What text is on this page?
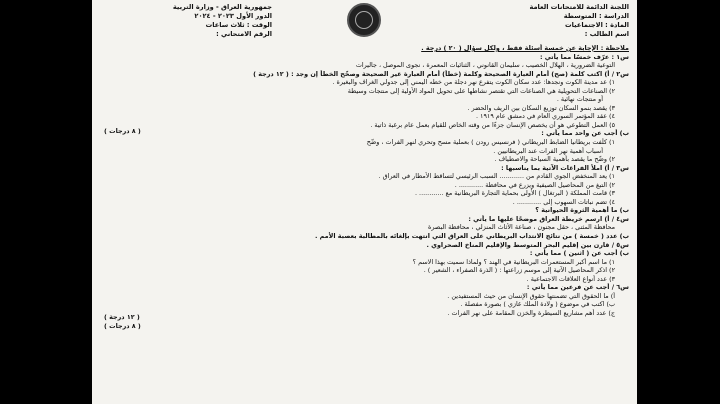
اللجنة الدائمة للامتحانات العامة
الدراسة : المتوسطة
المادة : الاجتماعيات
اسم الطالب :
جمهورية العراق - وزارة التربية
الدور الأول ٢٠٢٣ - ٢٠٢٤
الوقت : ثلاث ساعات
الرقم الامتحاني :
ملاحظة : الإجابة عن خمسة أسئلة فقط ، ولكل سؤال ( ٢٠ ) درجة .
س١ : عرّف خمسًا مما يأتي :
التوعية الضرورية ، الهلال الخصيب ، سليمان القانوني ، الثنائيات المعمرة ، نجوى الموصل ، جاليرات
س٢ / أ) اكتب كلمة (صح) أمام العبارة الصحيحة وكلمة (خطأ) أمام العبارة غير الصحيحة وصحّح الخطأ إن وجد : ( ١٢ درجة )
١) عد مدينة الكوت ونجدها: عدد سكان الكوت يتفرع نهر دجلة من خطه اليمني إلى جدولي الغراف والبغيرة .
٢) الصناعات التحويلية هي الصناعات التي تقتصر نشاطها على تحويل المواد الأولية إلى منتجات وسيطة
أو منتجات نهائية .
٣) يقصد بنمو السكان توزيع السكان بين الريف والحضر .
٤) عقد المؤتمر السوري العام في دمشق عام ١٩١٩ .
٥) العمل التطوعي هو أن يخصص الإنسان جزءًا من وقته الخاص للقيام بعمل عام برغبة ذاتية .
ب) أجب عن واحد مما يأتي :
١) كلّفت بريطانيا الضابط البريطاني ( فرنسيس رودن ) بعملية مسح وتحري لنهر الفرات ، وضّح
أسباب أهمية نهر الفرات عند البريطانيين .
٢) وضّح ما يقصد بأهمية السياحة والاصطياف .
س٣ / أ) املأ الفراغات الآتية بما يناسبها :
١) يعد المنخفض الجوي القادم من ............ السبب الرئيسي لتساقط الأمطار في العراق .
٢) التبغ من المحاصيل الصيفية ويزرع في محافظة ............ .
٣) قامت المملكة ( البرتغال ) الأولى بحماية التجارة البريطانية مع ............ .
٤) تضم نباتات السهوب إلى ............ .
ب) ما أهمية الثروة الحيوانية ؟
س٤ / أ) ارسم خريطة العراق موضحًا عليها ما يأتي :
محافظة المثنى ، حقل مجنون ، صناعة الأثاث المنزلي ، محافظة البصرة
ب) عدد ( خمسة ) من نتائج الانتداب البريطاني على العراق التي انتهت بإلغائه بالمطالبة بعصبة الأمم .
س٥ / قارن بين إقليم البحر المتوسط والإقليم المناخ الصحراوي .
ب) أجب عن ( اثنين ) مما يأتي :
١) ما اسم أكبر المستعمرات البريطانية في الهند ؟ ولماذا سميت بهذا الاسم ؟
٢) اذكر المحاصيل الآتية إلى موسم زراعتها : ( الذرة الصفراء ، الشعير ) .
٣) عدد أنواع العلاقات الاجتماعية .
س٦ / أجب عن فرعين مما يأتي :
أ) ما الحقوق التي تضمنتها حقوق الإنسان من حيث المستفيدين .
ب) اكتب في موضوع ( ولادة الملك غازي ) بصورة مفصلة .
ج) عدد أهم مشاريع السيطرة والخزن المقامة على نهر الفرات .
( ٨ درجات )
( ١٢ درجة )
( ٨ درجات )
